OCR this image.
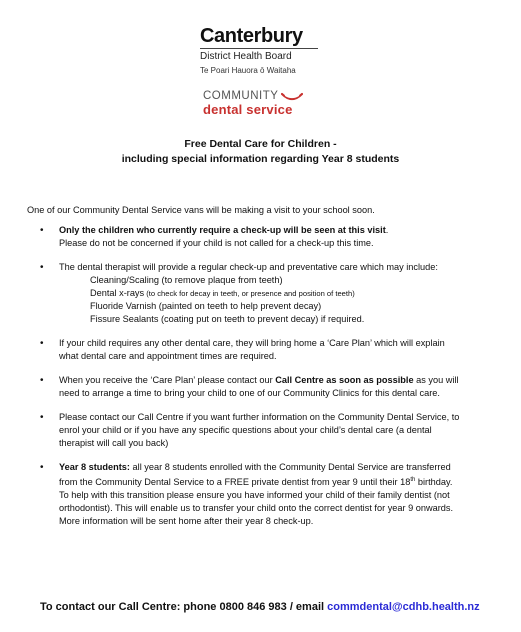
Canterbury
District Health Board
Te Poari Hauora ō Waitaha
COMMUNITY
dental service
Free Dental Care for Children -
including special information regarding Year 8 students
One of our Community Dental Service vans will be making a visit to your school soon.
• Only the children who currently require a check-up will be seen at this visit.
Please do not be concerned if your child is not called for a check-up this time.
• The dental therapist will provide a regular check-up and preventative care which may include:
Cleaning/Scaling (to remove plaque from teeth)
Dental x-rays (to check for decay in teeth, or presence and position of teeth)
Fluoride Varnish (painted on teeth to help prevent decay)
Fissure Sealants (coating put on teeth to prevent decay) if required.
• If your child requires any other dental care, they will bring home a ‘Care Plan’ which will explain
what dental care and appointment times are required.
• When you receive the ‘Care Plan’ please contact our Call Centre as soon as possible as you will
need to arrange a time to bring your child to one of our Community Clinics for this dental care.
• Please contact our Call Centre if you want further information on the Community Dental Service, to
enrol your child or if you have any specific questions about your child’s dental care (a dental
therapist will call you back)
• Year 8 students: all year 8 students enrolled with the Community Dental Service are transferred
from the Community Dental Service to a FREE private dentist from year 9 until their 18th birthday.
To help with this transition please ensure you have informed your child of their family dentist (not
orthodontist). This will enable us to transfer your child onto the correct dentist for year 9 onwards.
More information will be sent home after their year 8 check-up.
To contact our Call Centre: phone 0800 846 983 / email commdental@cdhb.health.nz
